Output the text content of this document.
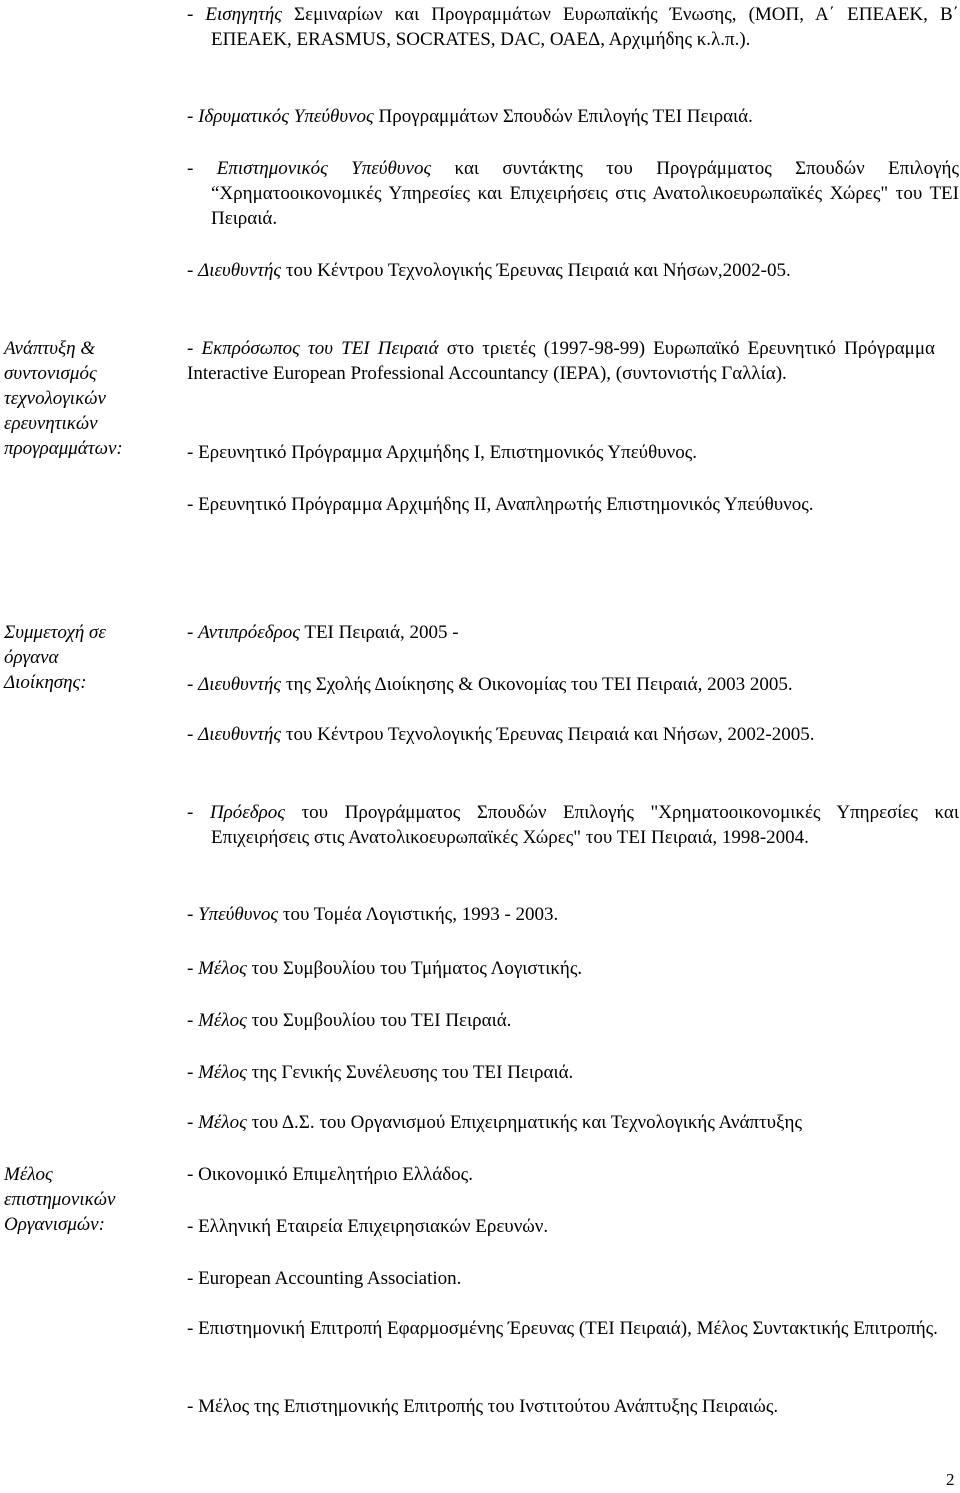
- Εισηγητής Σεμιναρίων και Προγραμμάτων Ευρωπαϊκής Ένωσης, (ΜΟΠ, Α΄ ΕΠΕΑΕΚ, Β΄ ΕΠΕΑΕΚ, ERASMUS, SOCRATES, DAC, ΟΑΕΔ, Αρχιμήδης κ.λ.π.).

- Ιδρυματικός Υπεύθυνος Προγραμμάτων Σπουδών Επιλογής ΤΕΙ Πειραιά.

- Επιστημονικός Υπεύθυνος και συντάκτης του Προγράμματος Σπουδών Επιλογής “Χρηματοοικονομικές Υπηρεσίες και Επιχειρήσεις στις Ανατολικοευρωπαϊκές Χώρες" του ΤΕΙ Πειραιά.

- Διευθυντής του Κέντρου Τεχνολογικής Έρευνας Πειραιά και Νήσων,2002-05.

Ανάπτυξη & συντονισμός τεχνολογικών ερευνητικών προγραμμάτων:

- Εκπρόσωπος του ΤΕΙ Πειραιά στο τριετές (1997-98-99) Ευρωπαϊκό Ερευνητικό Πρόγραμμα Interactive European Professional Accountancy (IEPA), (συντονιστής Γαλλία).

- Ερευνητικό Πρόγραμμα Αρχιμήδης Ι, Επιστημονικός Υπεύθυνος.

- Ερευνητικό Πρόγραμμα Αρχιμήδης ΙΙ, Αναπληρωτής Επιστημονικός Υπεύθυνος.

Συμμετοχή σε όργανα Διοίκησης:

- Αντιπρόεδρος ΤΕΙ Πειραιά, 2005 -

- Διευθυντής της Σχολής Διοίκησης & Οικονομίας του ΤΕΙ Πειραιά, 2003 2005.

- Διευθυντής του Κέντρου Τεχνολογικής Έρευνας Πειραιά και Νήσων, 2002-2005.

- Πρόεδρος του Προγράμματος Σπουδών Επιλογής "Χρηματοοικονομικές Υπηρεσίες και Επιχειρήσεις στις Ανατολικοευρωπαϊκές Χώρες" του ΤΕΙ Πειραιά, 1998-2004.

- Υπεύθυνος του Τομέα Λογιστικής, 1993 - 2003.

- Μέλος του Συμβουλίου του Τμήματος Λογιστικής.

- Μέλος του Συμβουλίου του ΤΕΙ Πειραιά.

- Μέλος της Γενικής Συνέλευσης του ΤΕΙ Πειραιά.

- Μέλος του Δ.Σ. του Οργανισμού Επιχειρηματικής και Τεχνολογικής Ανάπτυξης

Μέλος επιστημονικών Οργανισμών:

- Οικονομικό Επιμελητήριο Ελλάδος.

- Ελληνική Εταιρεία Επιχειρησιακών Ερευνών.

- European Accounting Association.

- Επιστημονική Επιτροπή Εφαρμοσμένης Έρευνας (ΤΕΙ Πειραιά), Μέλος Συντακτικής Επιτροπής.

- Μέλος της Επιστημονικής Επιτροπής του Ινστιτούτου Ανάπτυξης Πειραιώς.

2
